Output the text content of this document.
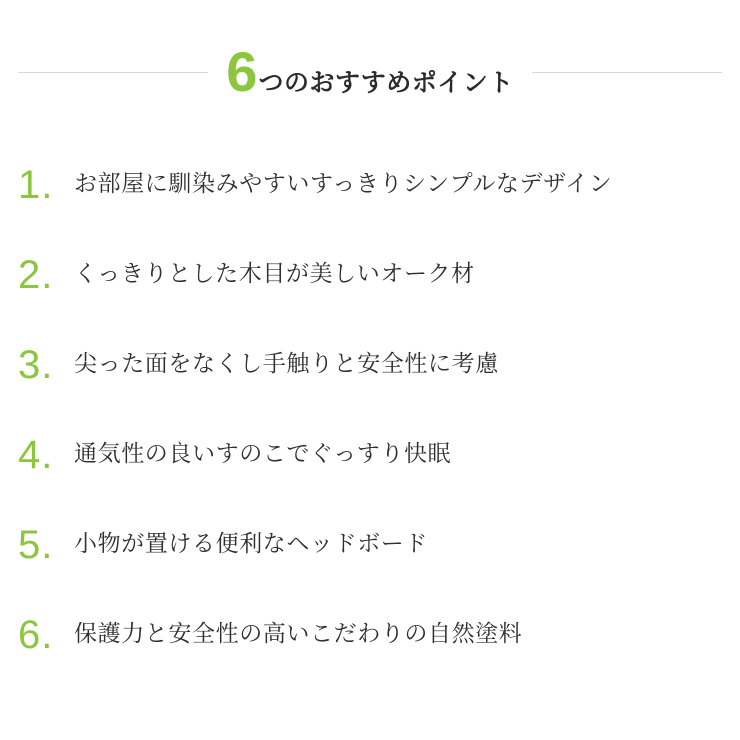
6 つのおすすめポイント
1. お部屋に馴染みやすいすっきりシンプルなデザイン
2. くっきりとした木目が美しいオーク材
3. 尖った面をなくし手触りと安全性に考慮
4. 通気性の良いすのこでぐっすり快眠
5. 小物が置ける便利なヘッドボード
6. 保護力と安全性の高いこだわりの自然塗料
